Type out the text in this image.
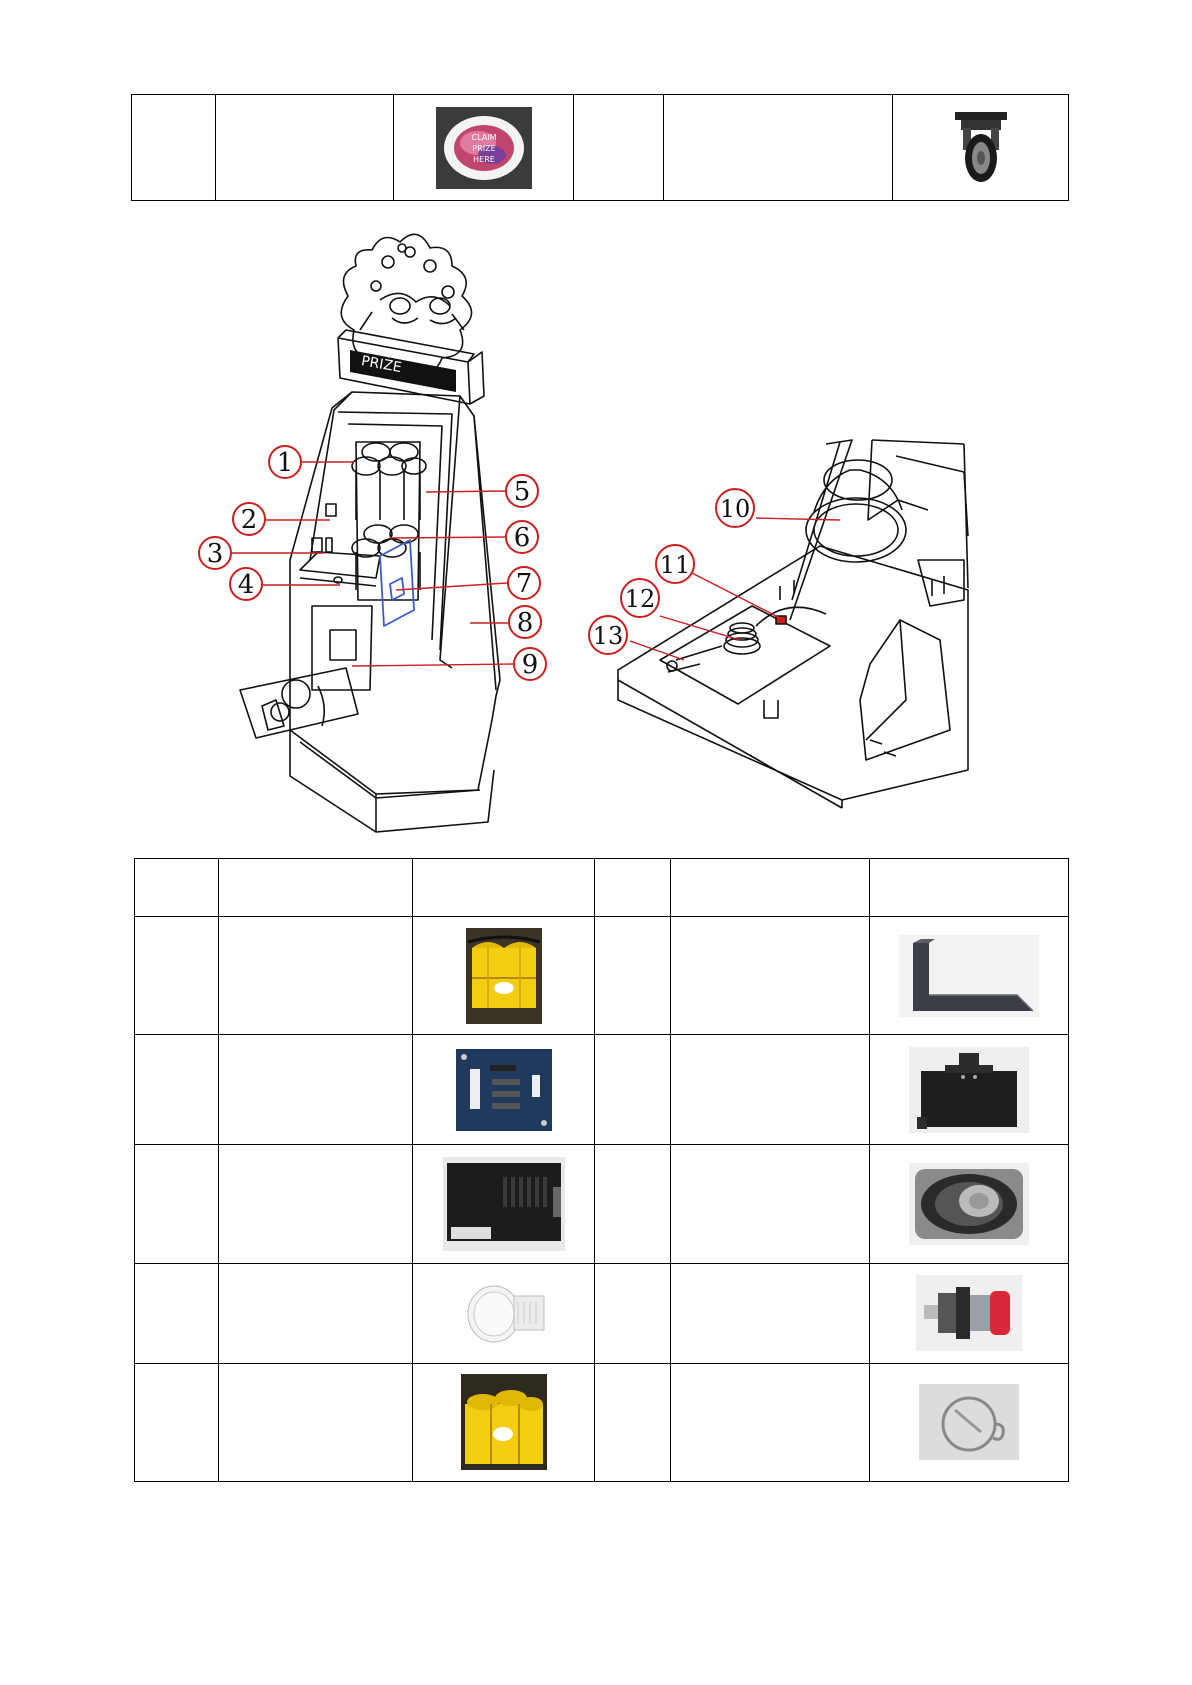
CLAIM
PRIZE
HERE

PRIZE
1
2
3
4
5
6
7
8
9
10
11
12
13
